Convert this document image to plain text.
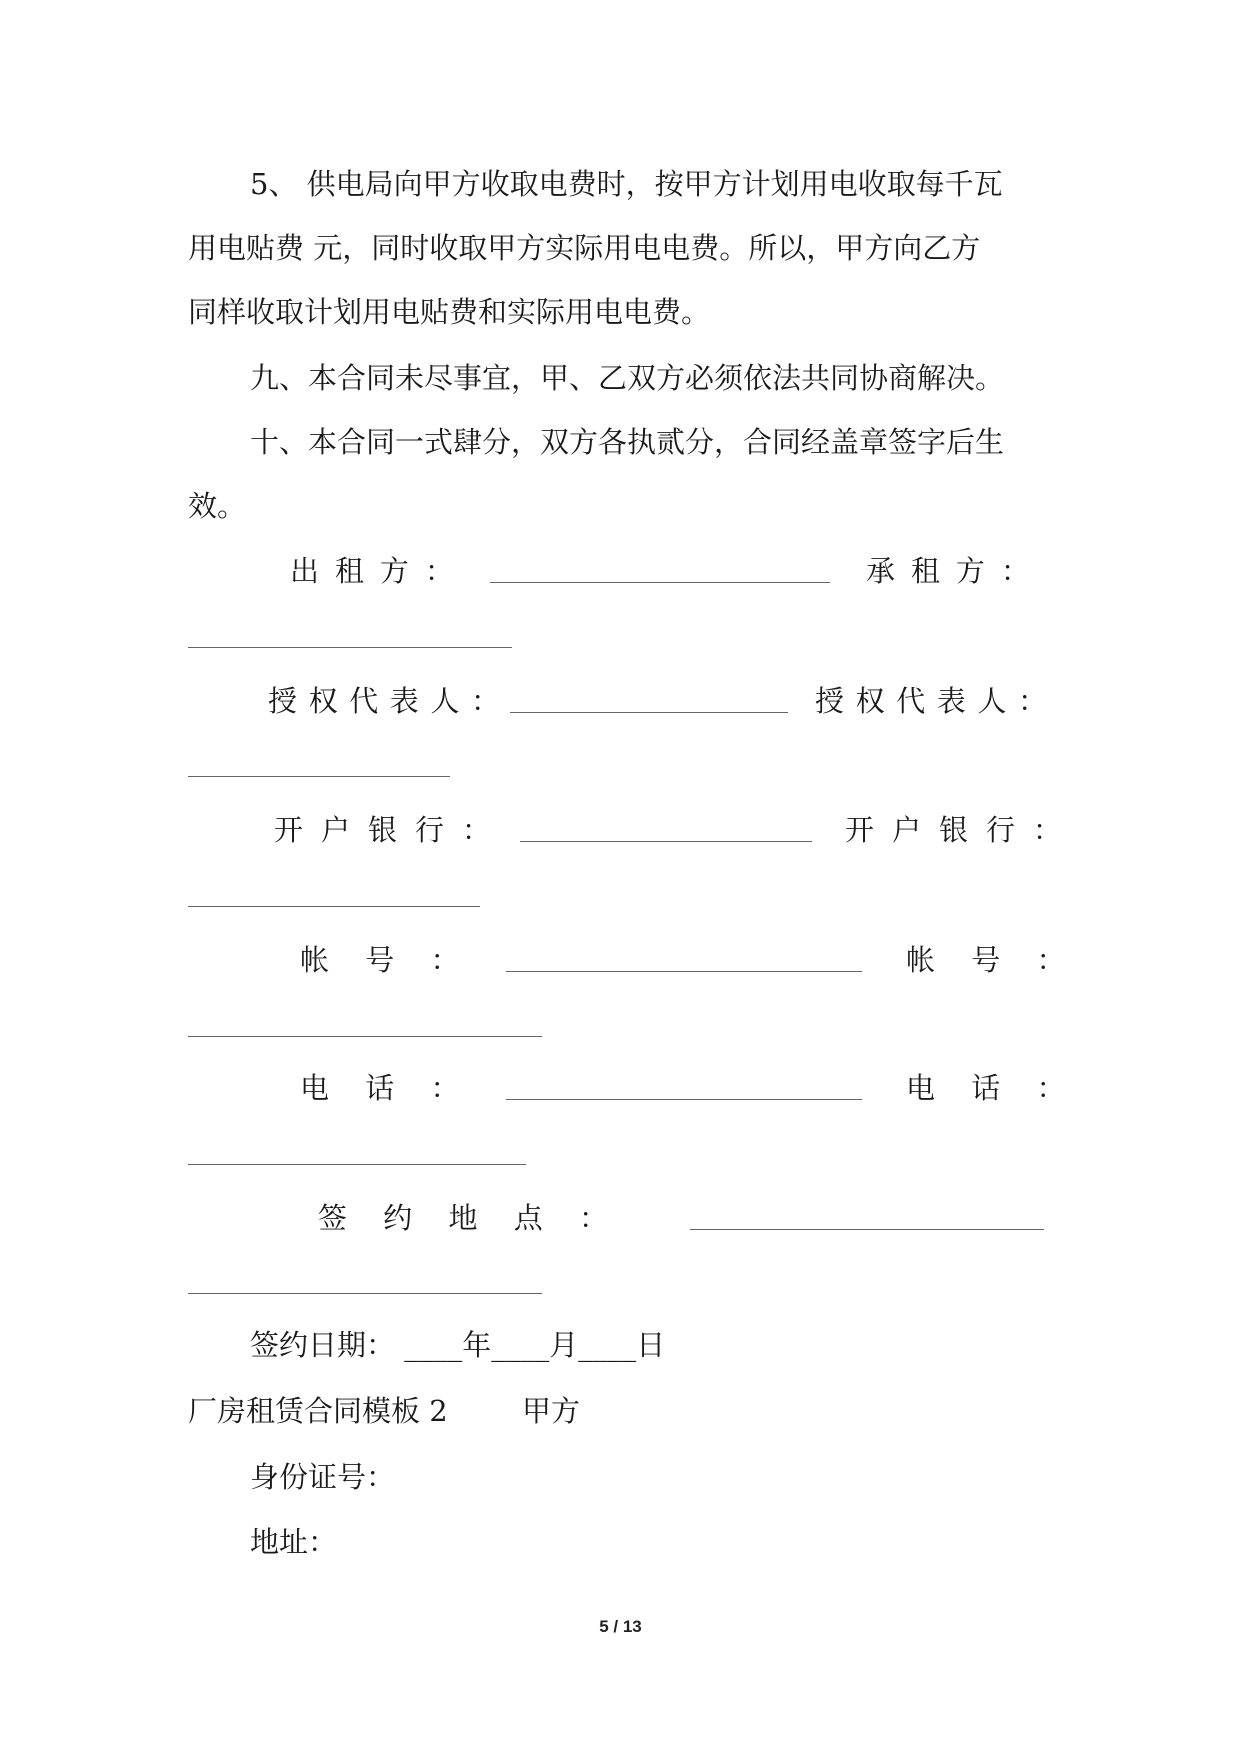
5、 供电局向甲方收取电费时，按甲方计划用电收取每千瓦
用电贴费 元，同时收取甲方实际用电电费。所以，甲方向乙方
同样收取计划用电贴费和实际用电电费。
九、本合同未尽事宜，甲、乙双方必须依法共同协商解决。
十、本合同一式肆分，双方各执贰分，合同经盖章签字后生
效。
出租方：	承租方：
授权代表人：	授权代表人：
开户银行：	开户银行：
帐号：	帐号：
电话：	电话：
签约地点：
签约日期： ____年____月____日
厂房租赁合同模板 2	甲方
身份证号：
地址：
5 / 13
